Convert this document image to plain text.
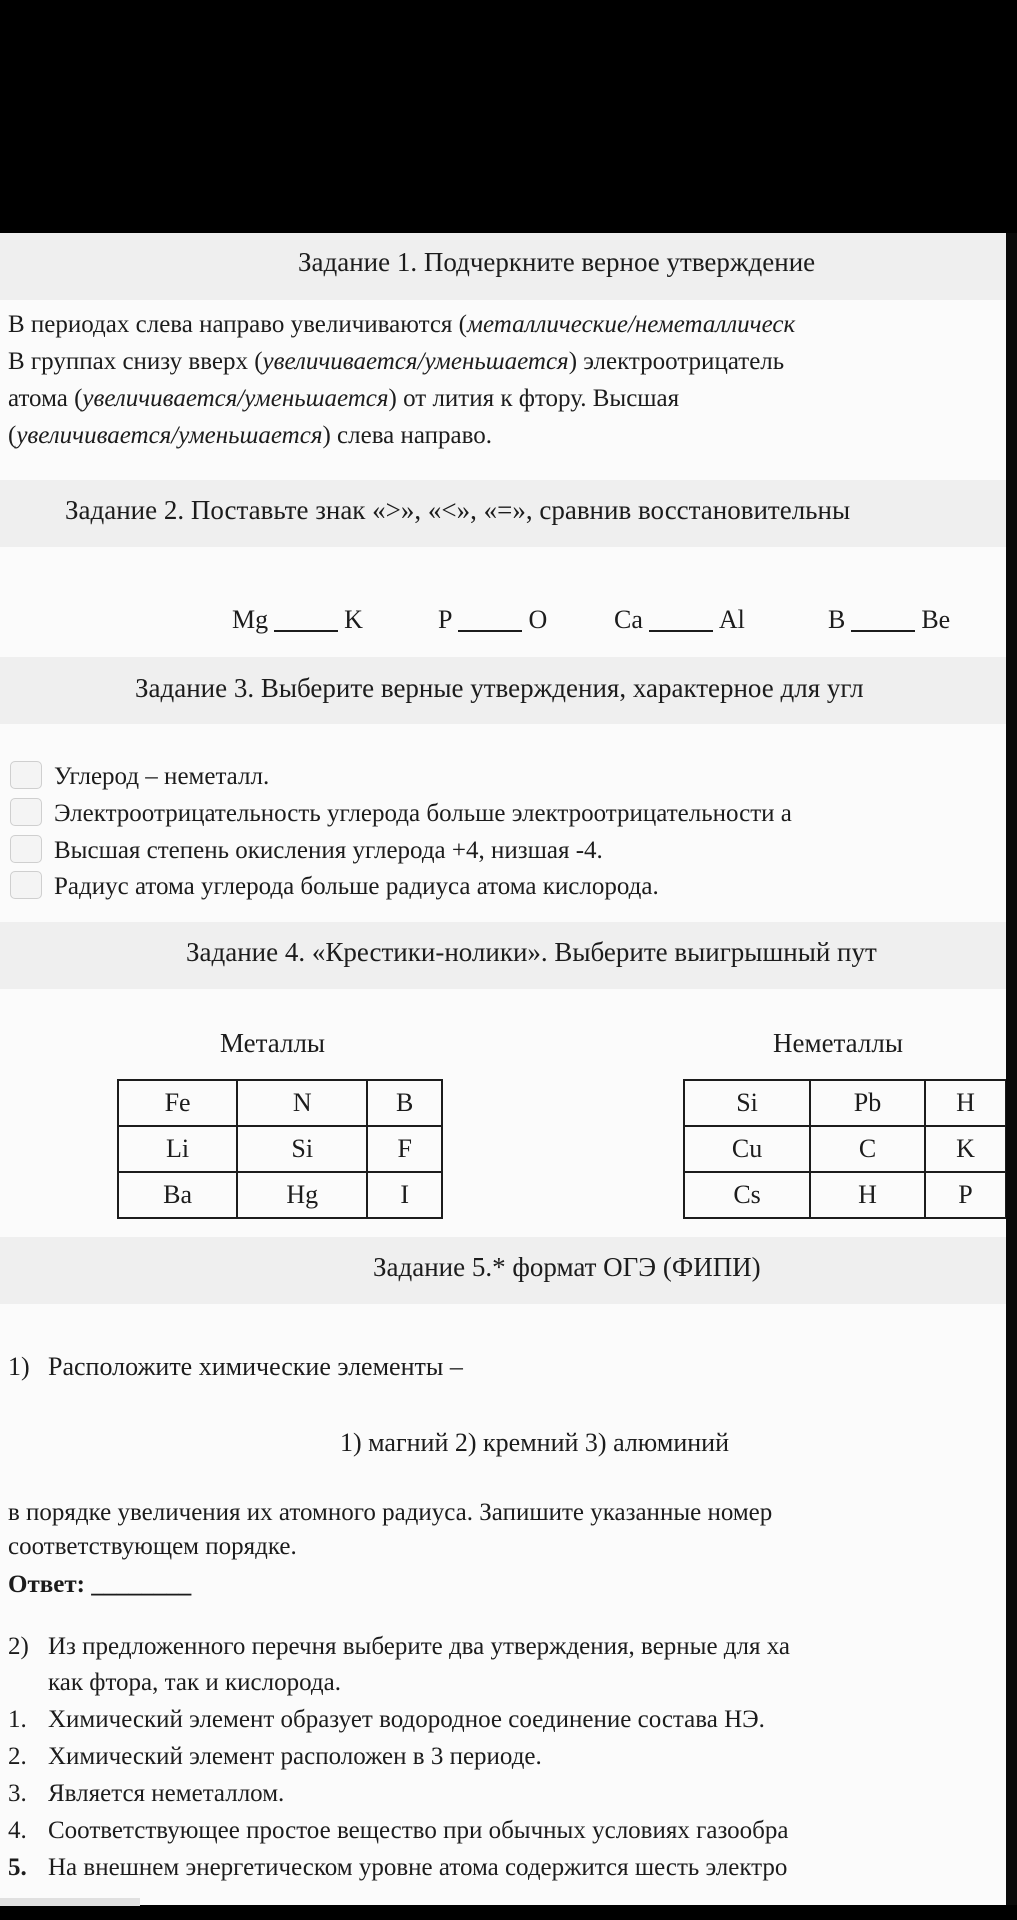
Задание 1. Подчеркните верное утверждение
В периодах слева направо увеличиваются (металлические/неметаллическ
В группах снизу вверх (увеличивается/уменьшается) электроотрицатель
атома (увеличивается/уменьшается) от лития к фтору. Высшая
(увеличивается/уменьшается) слева направо.
Задание 2. Поставьте знак «>», «<», «=», сравнив восстановительны
Mg	K	P	O	Ca	Al	B	Be
Задание 3. Выберите верные утверждения, характерное для угл
Углерод – неметалл.
Электроотрицательность углерода больше электроотрицательности а
Высшая степень окисления углерода +4, низшая -4.
Радиус атома углерода больше радиуса атома кислорода.
Задание 4. «Крестики-нолики». Выберите выигрышный пут
Металлы	Неметаллы
Fe	N	B
Li	Si	F
Ba	Hg	I
Si	Pb	H
Cu	C	K
Cs	H	P
Задание 5.* формат ОГЭ (ФИПИ)
1) Расположите химические элементы –
1) магний 2) кремний 3) алюминий
в порядке увеличения их атомного радиуса. Запишите указанные номер
соответствующем порядке.
Ответ: ________
2) Из предложенного перечня выберите два утверждения, верные для ха
как фтора, так и кислорода.
1. Химический элемент образует водородное соединение состава НЭ.
2. Химический элемент расположен в 3 периоде.
3. Является неметаллом.
4. Соответствующее простое вещество при обычных условиях газообра
5. На внешнем энергетическом уровне атома содержится шесть электро
